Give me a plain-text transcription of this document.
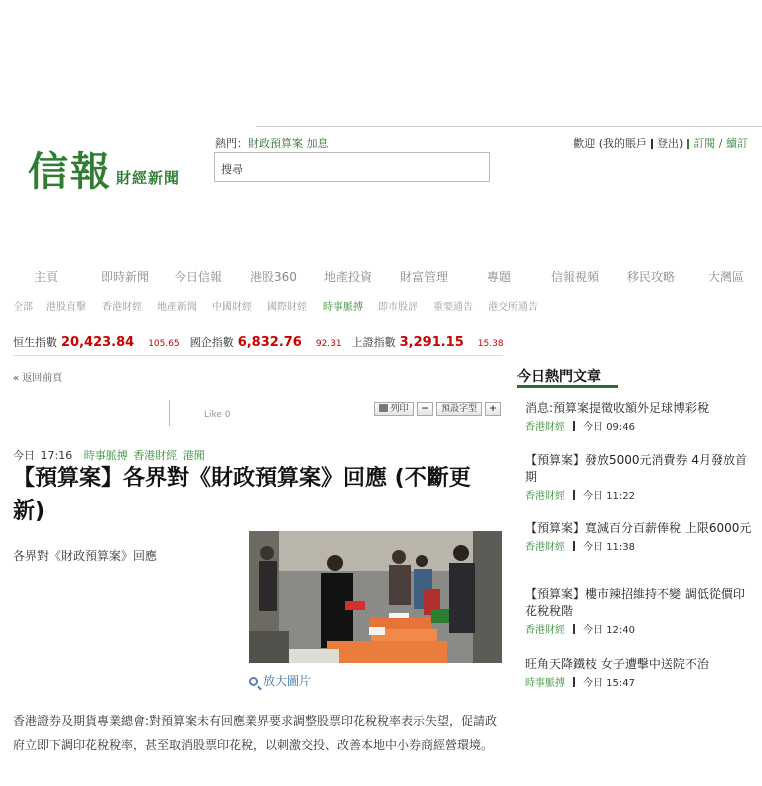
信報 財經新聞
熱門：財政預算案 加息
搜尋
歡迎 (我的賬戶 登出) 訂閱 / 續訂
主頁	即時新聞 今日信報 港股360 地產投資 財富管理	專題	信報視頻 移民攻略	大灣區
全部 港股直擊 香港財經 地產新聞 中國財經 國際財經 時事脈搏 即市股評 重要通告 港交所通告
恒生指數 20,423.84 105.65 國企指數 6,832.76 92.31 上證指數 3,291.15 15.38
« 返回前頁
Like 0
列印	−	預設字型	+
今日 17:16 時事脈搏 香港財經 港聞
【預算案】各界對《財政預算案》回應 (不斷更新)
各界對《財政預算案》回應
放大圖片

香港證券及期貨專業總會:對預算案未有回應業界要求調整股票印花稅稅率表示失望，促請政府立即下調印花稅稅率，甚至取消股票印花稅，以刺激交投、改善本地中小券商經營環境。

今日熱門文章
消息:預算案提徵收額外足球博彩稅
香港財經 今日 09:46
【預算案】發放5000元消費券 4月發放首期
香港財經 今日 11:22
【預算案】寬減百分百薪俸稅 上限6000元
香港財經 今日 11:38
【預算案】樓市辣招維持不變 調低從價印花稅稅階
香港財經 今日 12:40
旺角天降鐵枝 女子遭擊中送院不治
時事脈搏 今日 15:47
